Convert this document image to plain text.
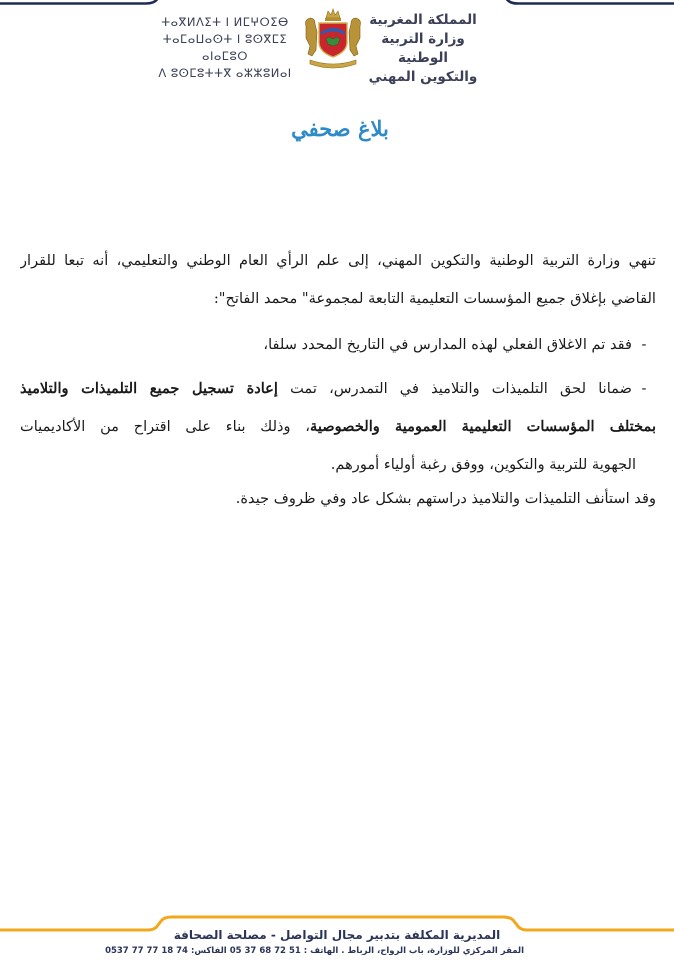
ⵜⴰⴳⵍⴷⵉⵜ ⵏ ⵍⵎⵖⵔⵉⴱ
ⵜⴰⵎⴰⵡⴰⵙⵜ ⵏ ⵓⵙⴳⵎⵉ ⴰⵏⴰⵎⵓⵔ
ⴷ ⵓⵙⵎⵓⵜⵜⴳ ⴰⵣⵣⵓⵍⴰⵏ
المملكة المغربية
وزارة التربية الوطنية
والتكوين المهني
بلاغ صحفي
تنهي وزارة التربية الوطنية والتكوين المهني، إلى علم الرأي العام الوطني والتعليمي، أنه تبعا للقرار
القاضي بإغلاق جميع المؤسسات التعليمية التابعة لمجموعة" محمد الفاتح":
-
فقد تم الاغلاق الفعلي لهذه المدارس في التاريخ المحدد سلفا،
-
ضمانا لحق التلميذات والتلاميذ في التمدرس، تمت إعادة تسجيل جميع التلميذات والتلاميذ
بمختلف المؤسسات التعليمية العمومية والخصوصية، وذلك بناء على اقتراح من الأكاديميات
الجهوية للتربية والتكوين، ووفق رغبة أولياء أمورهم.
وقد استأنف التلميذات والتلاميذ دراستهم بشكل عاد وفي ظروف جيدة.
المديرية المكلفة بتدبير مجال التواصل - مصلحة الصحافة
المقر المركزي للوزارة، باب الرواح، الرباط . الهاتف : 51 72 68 37 05 الفاكس: 74 18 77 77 0537
